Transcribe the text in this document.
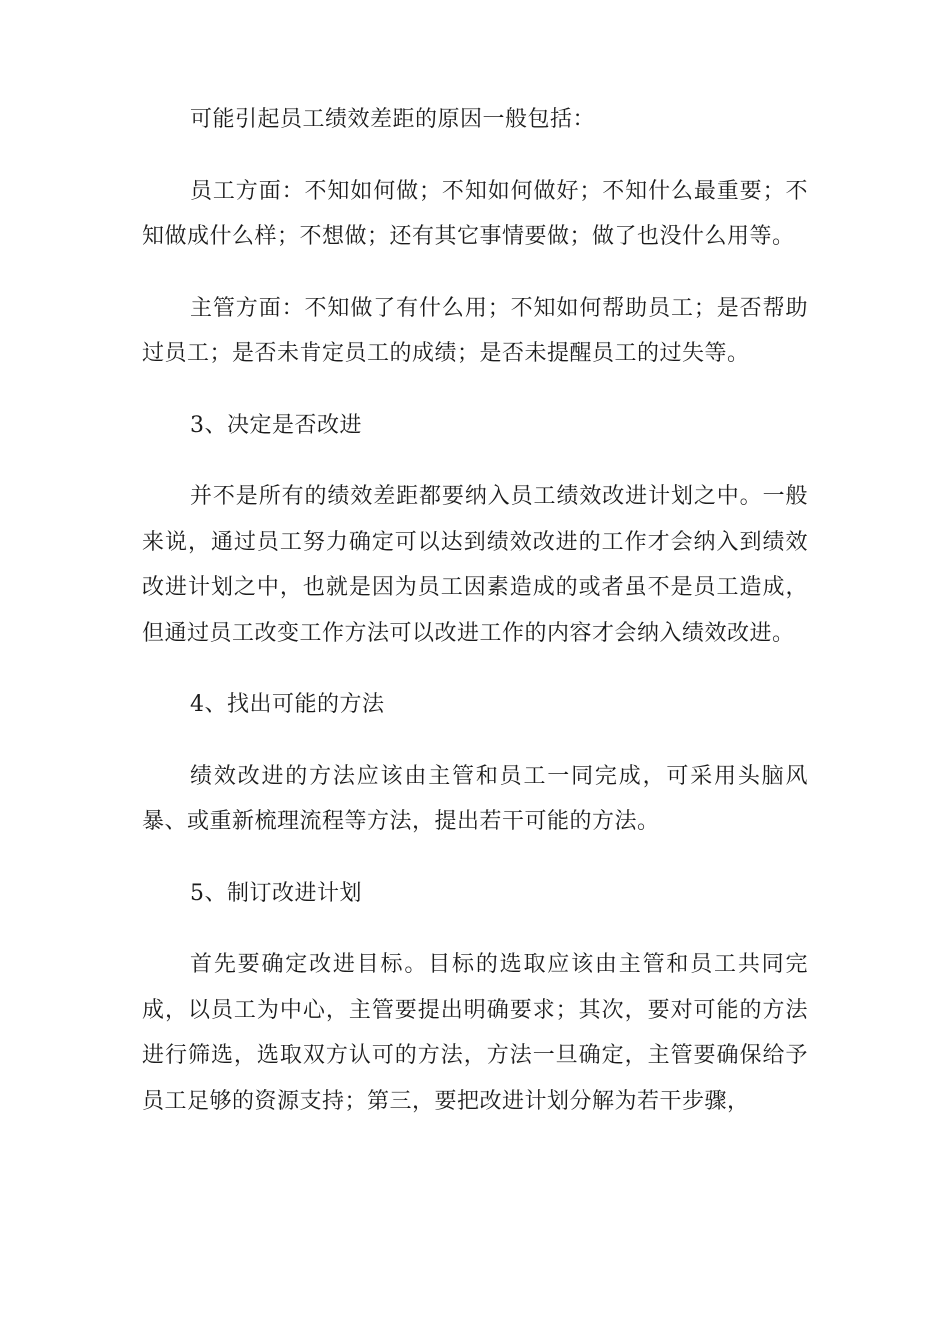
可能引起员工绩效差距的原因一般包括：

员工方面：不知如何做；不知如何做好；不知什么最重要；不知做成什么样；不想做；还有其它事情要做；做了也没什么用等。

主管方面：不知做了有什么用；不知如何帮助员工；是否帮助过员工；是否未肯定员工的成绩；是否未提醒员工的过失等。

3、决定是否改进

并不是所有的绩效差距都要纳入员工绩效改进计划之中。一般来说，通过员工努力确定可以达到绩效改进的工作才会纳入到绩效改进计划之中，也就是因为员工因素造成的或者虽不是员工造成，但通过员工改变工作方法可以改进工作的内容才会纳入绩效改进。

4、找出可能的方法

绩效改进的方法应该由主管和员工一同完成，可采用头脑风暴、或重新梳理流程等方法，提出若干可能的方法。

5、制订改进计划

首先要确定改进目标。目标的选取应该由主管和员工共同完成，以员工为中心，主管要提出明确要求；其次，要对可能的方法进行筛选，选取双方认可的方法，方法一旦确定，主管要确保给予员工足够的资源支持；第三，要把改进计划分解为若干步骤，
